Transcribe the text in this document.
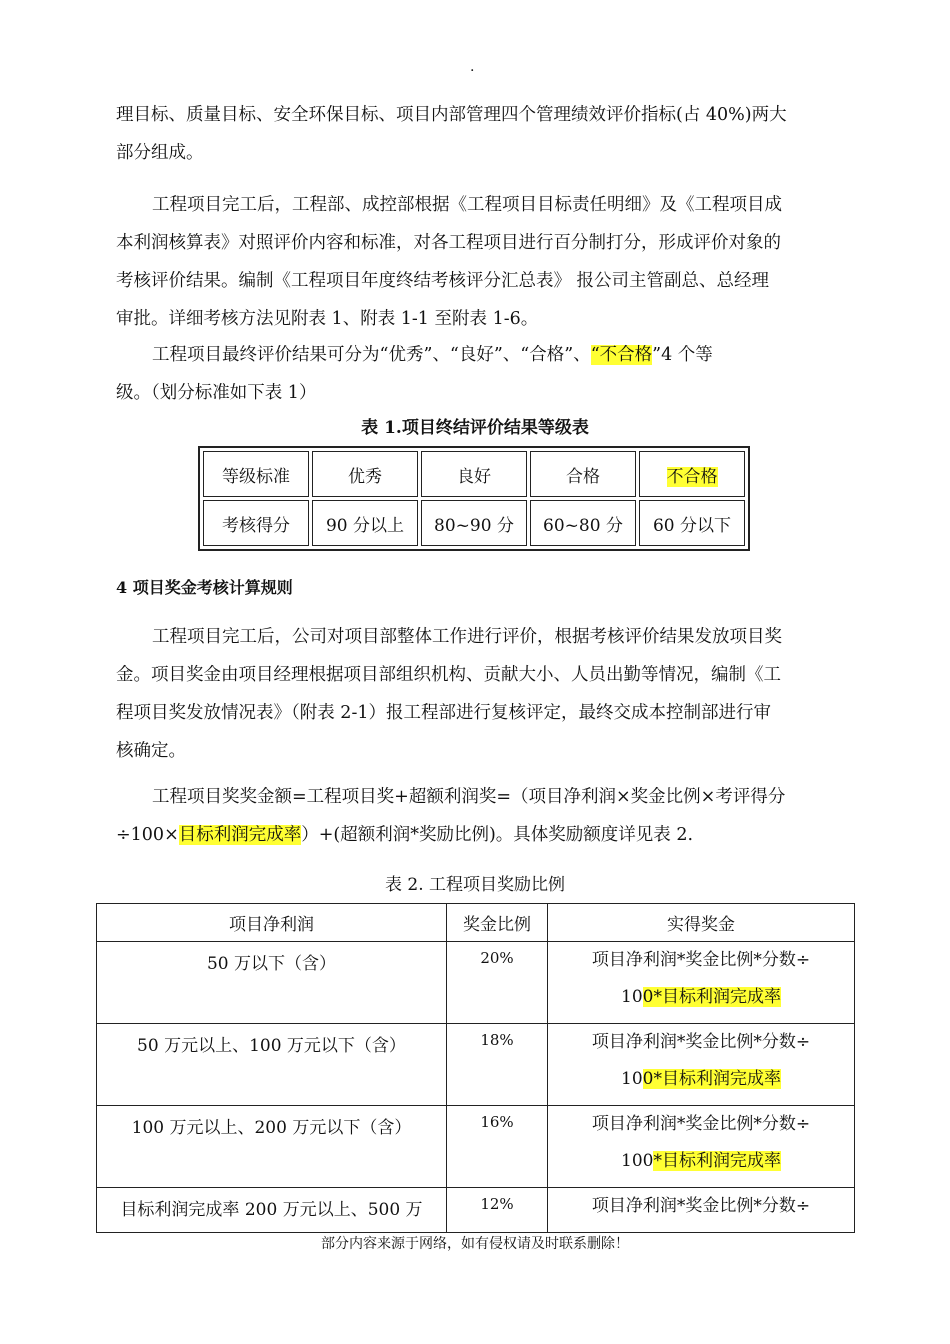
.

理目标、质量目标、安全环保目标、项目内部管理四个管理绩效评价指标(占 40%)两大
部分组成。

工程项目完工后，工程部、成控部根据《工程项目目标责任明细》及《工程项目成
本利润核算表》对照评价内容和标准，对各工程项目进行百分制打分，形成评价对象的
考核评价结果。编制《工程项目年度终结考核评分汇总表》 报公司主管副总、总经理
审批。详细考核方法见附表 1、附表 1-1 至附表 1-6。

工程项目最终评价结果可分为“优秀”、“良好”、“合格”、“不合格”4 个等
级。（划分标准如下表 1）

表 1.项目终结评价结果等级表
等级标准	优秀	良好	合格	不合格
考核得分	90 分以上	80~90 分	60~80 分	60 分以下
4 项目奖金考核计算规则

工程项目完工后，公司对项目部整体工作进行评价，根据考核评价结果发放项目奖
金。项目奖金由项目经理根据项目部组织机构、贡献大小、人员出勤等情况，编制《工
程项目奖发放情况表》（附表 2-1）报工程部进行复核评定，最终交成本控制部进行审
核确定。

工程项目奖奖金额=工程项目奖+超额利润奖=（项目净利润×奖金比例×考评得分
÷100×目标利润完成率）+(超额利润*奖励比例)。具体奖励额度详见表 2.

表 2. 工程项目奖励比例
项目净利润	奖金比例	实得奖金
50 万以下（含）	20%	项目净利润*奖金比例*分数÷
100*目标利润完成率
50 万元以上、100 万元以下（含）	18%	项目净利润*奖金比例*分数÷
100*目标利润完成率
100 万元以上、200 万元以下（含）	16%	项目净利润*奖金比例*分数÷
100*目标利润完成率
目标利润完成率 200 万元以上、500 万	12%	项目净利润*奖金比例*分数÷
部分内容来源于网络，如有侵权请及时联系删除！
